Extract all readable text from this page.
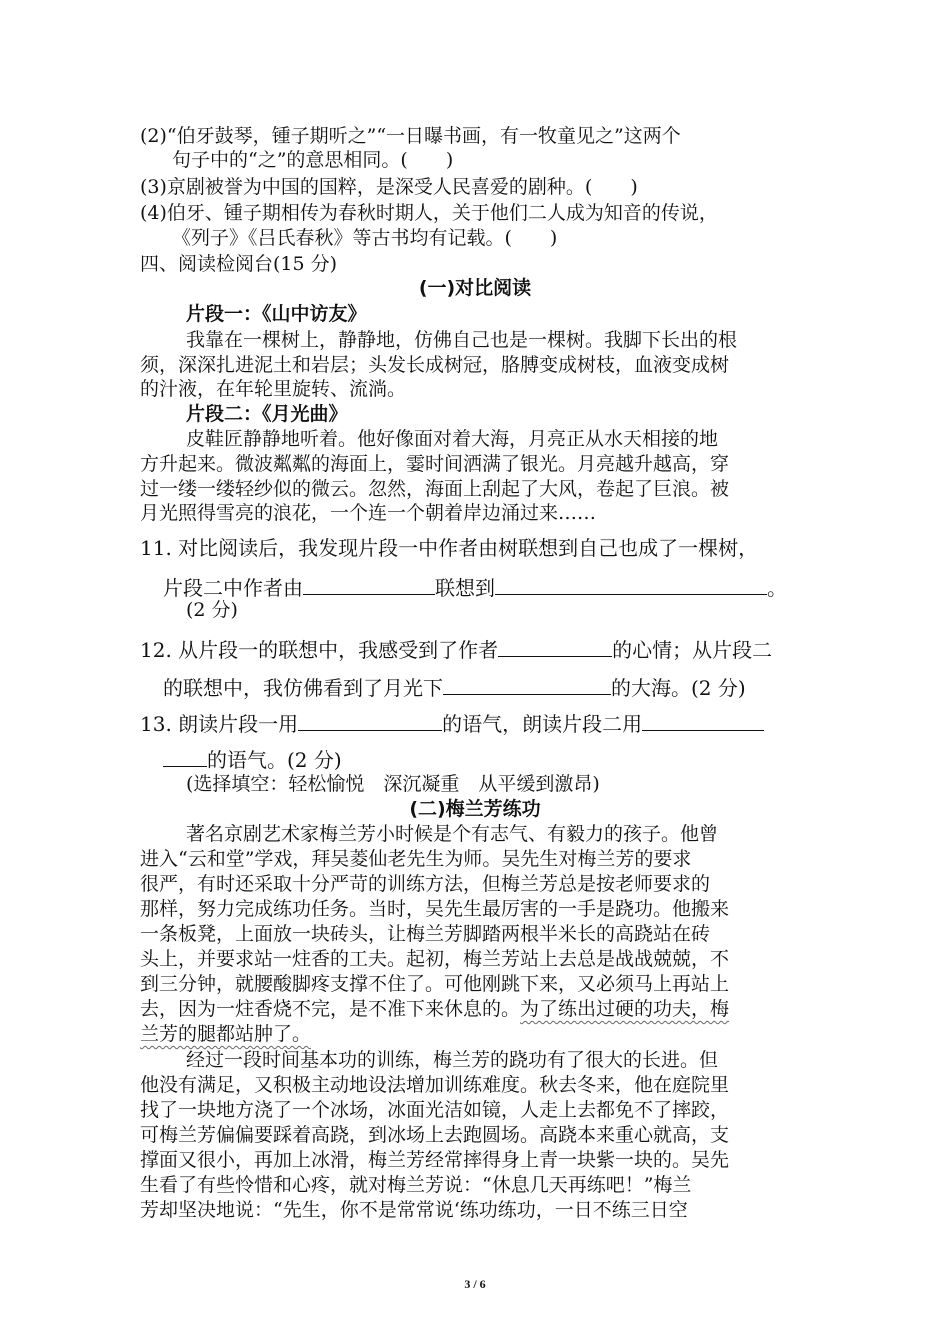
(2)“伯牙鼓琴，锺子期听之”“一日曝书画，有一牧童见之”这两个
句子中的“之”的意思相同。(　　)
(3)京剧被誉为中国的国粹，是深受人民喜爱的剧种。(　　)
(4)伯牙、锺子期相传为春秋时期人，关于他们二人成为知音的传说，
《列子》《吕氏春秋》等古书均有记载。(　　)
四、阅读检阅台(15 分)
(一)对比阅读
片段一：《山中访友》
我靠在一棵树上，静静地，仿佛自己也是一棵树。我脚下长出的根
须，深深扎进泥土和岩层；头发长成树冠，胳膊变成树枝，血液变成树
的汁液，在年轮里旋转、流淌。
片段二：《月光曲》
皮鞋匠静静地听着。他好像面对着大海，月亮正从水天相接的地
方升起来。微波粼粼的海面上，霎时间洒满了银光。月亮越升越高，穿
过一缕一缕轻纱似的微云。忽然，海面上刮起了大风，卷起了巨浪。被
月光照得雪亮的浪花，一个连一个朝着岸边涌过来……
11. 对比阅读后，我发现片段一中作者由树联想到自己也成了一棵树，
片段二中作者由	联想到	。
(2 分)
12. 从片段一的联想中，我感受到了作者	的心情；从片段二
的联想中，我仿佛看到了月光下	的大海。(2 分)
13. 朗读片段一用	的语气，朗读片段二用
的语气。(2 分)
(选择填空：轻松愉悦　深沉凝重　从平缓到激昂)
(二)梅兰芳练功
著名京剧艺术家梅兰芳小时候是个有志气、有毅力的孩子。他曾
进入“云和堂”学戏，拜吴菱仙老先生为师。吴先生对梅兰芳的要求
很严，有时还采取十分严苛的训练方法，但梅兰芳总是按老师要求的
那样，努力完成练功任务。当时，吴先生最厉害的一手是跷功。他搬来
一条板凳，上面放一块砖头，让梅兰芳脚踏两根半米长的高跷站在砖
头上，并要求站一炷香的工夫。起初，梅兰芳站上去总是战战兢兢，不
到三分钟，就腰酸脚疼支撑不住了。可他刚跳下来，又必须马上再站上
去，因为一炷香烧不完，是不准下来休息的。为了练出过硬的功夫，梅
兰芳的腿都站肿了。
经过一段时间基本功的训练，梅兰芳的跷功有了很大的长进。但
他没有满足，又积极主动地设法增加训练难度。秋去冬来，他在庭院里
找了一块地方浇了一个冰场，冰面光洁如镜，人走上去都免不了摔跤，
可梅兰芳偏偏要踩着高跷，到冰场上去跑圆场。高跷本来重心就高，支
撑面又很小，再加上冰滑，梅兰芳经常摔得身上青一块紫一块的。吴先
生看了有些怜惜和心疼，就对梅兰芳说：“休息几天再练吧！”梅兰
芳却坚决地说：“先生，你不是常常说‘练功练功，一日不练三日空
3 / 6
